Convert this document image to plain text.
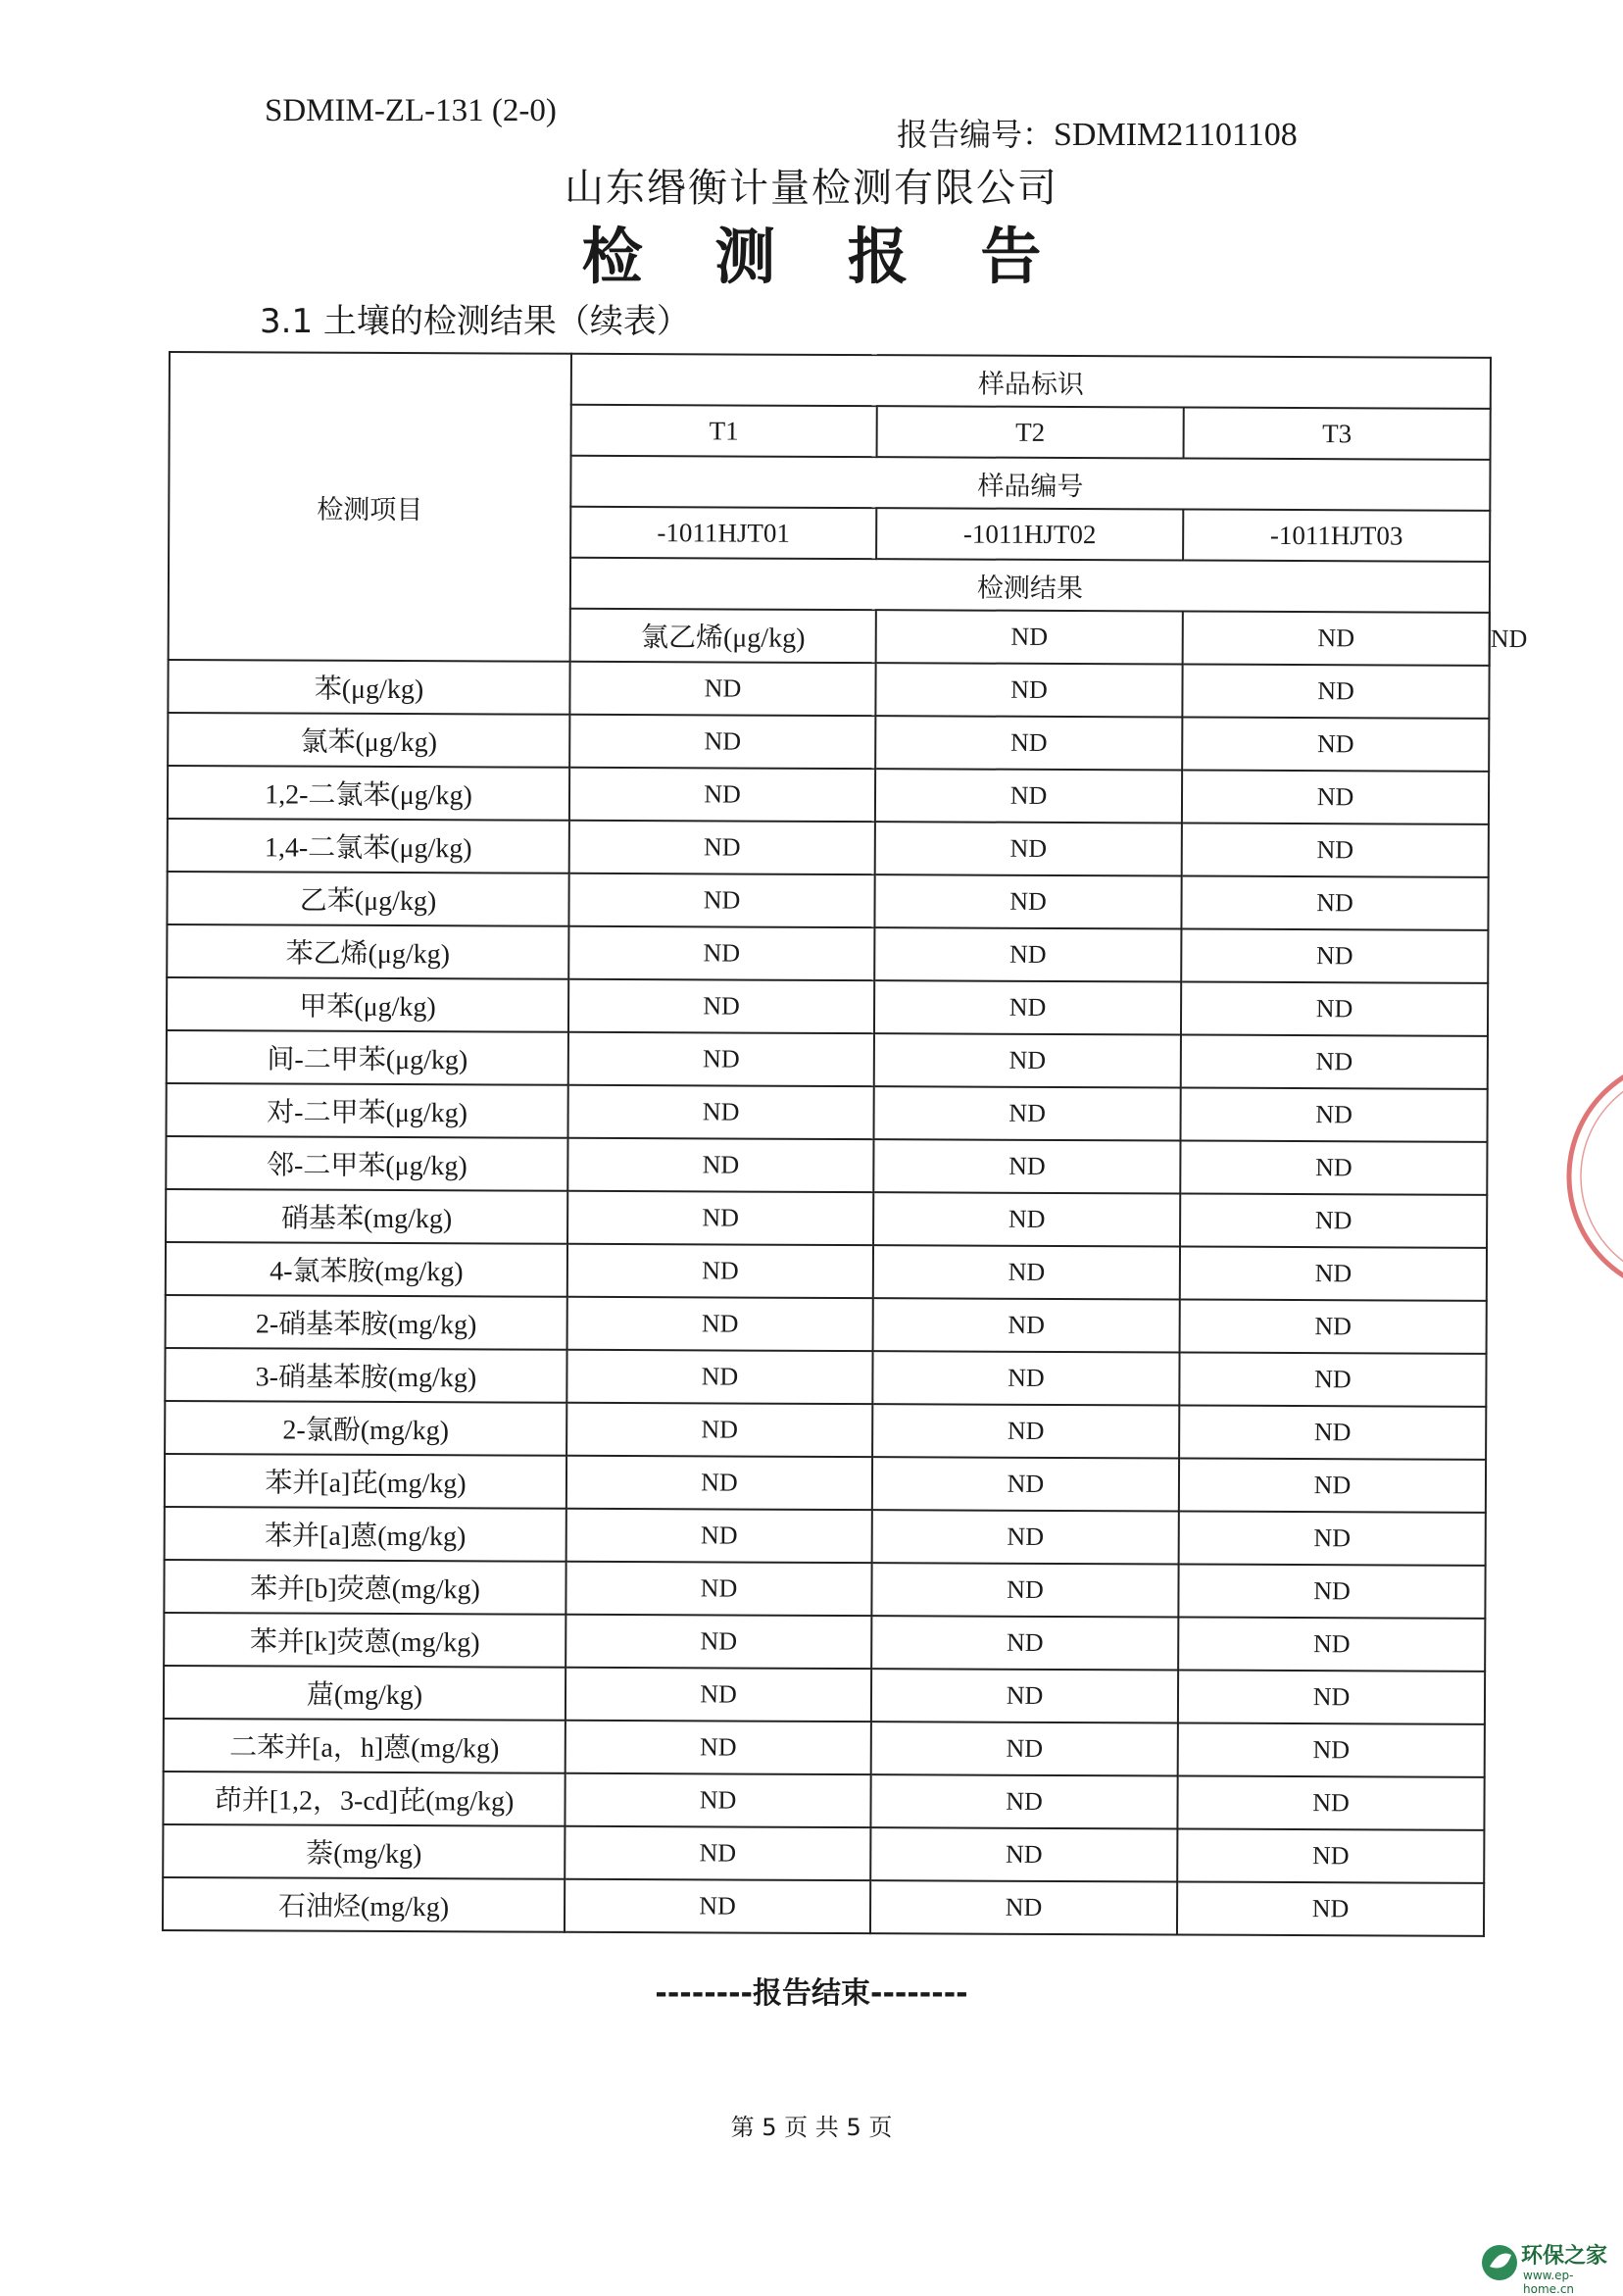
SDMIM-ZL-131 (2-0)
报告编号：SDMIM21101108
山东缗衡计量检测有限公司
检 测 报 告
3.1 土壤的检测结果（续表）
检测项目	样品标识			
	T1	T2	T3	
	样品编号			
	-1011HJT01	-1011HJT02	-1011HJT03	
	检测结果			
	氯乙烯(μg/kg)	ND	ND	ND
苯(μg/kg)	ND	ND	ND	
氯苯(μg/kg)	ND	ND	ND	
1,2-二氯苯(μg/kg)	ND	ND	ND	
1,4-二氯苯(μg/kg)	ND	ND	ND	
乙苯(μg/kg)	ND	ND	ND	
苯乙烯(μg/kg)	ND	ND	ND	
甲苯(μg/kg)	ND	ND	ND	
间-二甲苯(μg/kg)	ND	ND	ND	
对-二甲苯(μg/kg)	ND	ND	ND	
邻-二甲苯(μg/kg)	ND	ND	ND	
硝基苯(mg/kg)	ND	ND	ND	
4-氯苯胺(mg/kg)	ND	ND	ND	
2-硝基苯胺(mg/kg)	ND	ND	ND	
3-硝基苯胺(mg/kg)	ND	ND	ND	
2-氯酚(mg/kg)	ND	ND	ND	
苯并[a]芘(mg/kg)	ND	ND	ND	
苯并[a]蒽(mg/kg)	ND	ND	ND	
苯并[b]荧蒽(mg/kg)	ND	ND	ND	
苯并[k]荧蒽(mg/kg)	ND	ND	ND	
䓛(mg/kg)	ND	ND	ND	
二苯并[a，h]蒽(mg/kg)	ND	ND	ND	
茚并[1,2，3-cd]芘(mg/kg)	ND	ND	ND	
萘(mg/kg)	ND	ND	ND	
石油烃(mg/kg)	ND	ND	ND	
--------报告结束--------
第 5 页 共 5 页
环保之家
www.ep-home.cn
